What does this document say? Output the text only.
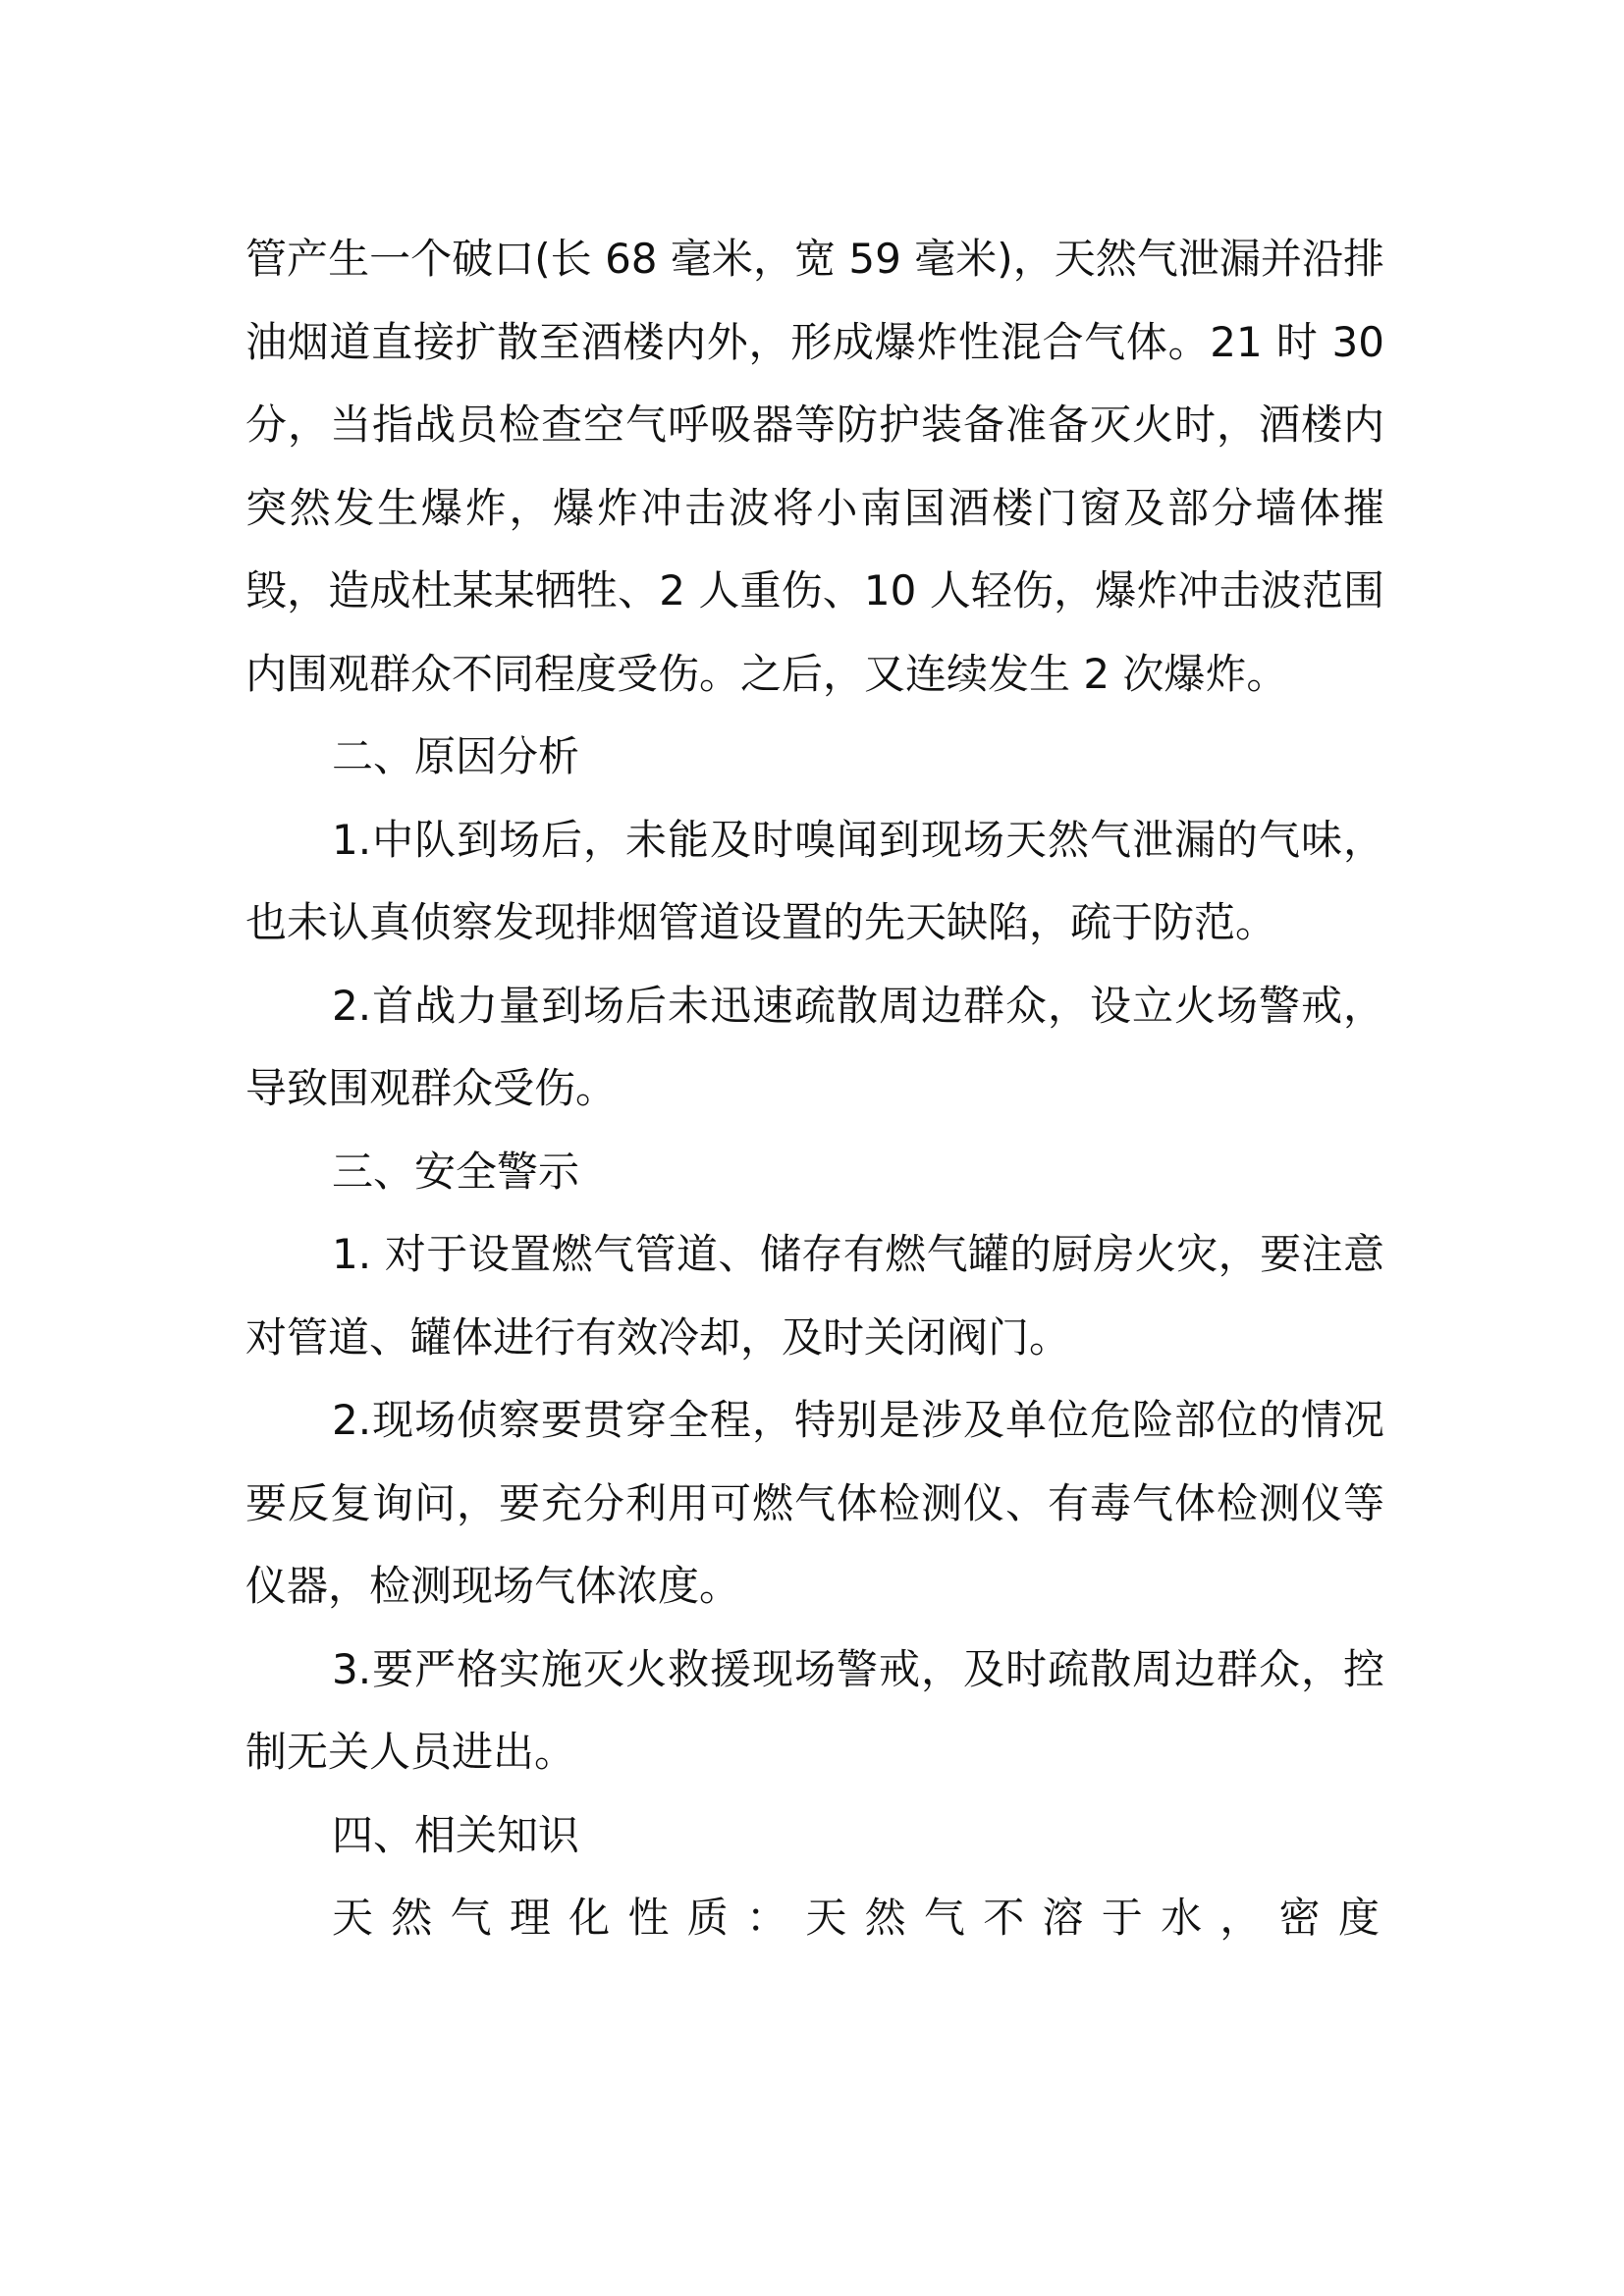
管产生一个破口(长 68 毫米，宽 59 毫米)，天然气泄漏并沿排油烟道直接扩散至酒楼内外，形成爆炸性混合气体。21 时 30 分，当指战员检查空气呼吸器等防护装备准备灭火时，酒楼内突然发生爆炸，爆炸冲击波将小南国酒楼门窗及部分墙体摧毁，造成杜某某牺牲、2 人重伤、10 人轻伤，爆炸冲击波范围内围观群众不同程度受伤。之后，又连续发生 2 次爆炸。

二、原因分析

1.中队到场后，未能及时嗅闻到现场天然气泄漏的气味，也未认真侦察发现排烟管道设置的先天缺陷，疏于防范。

2.首战力量到场后未迅速疏散周边群众，设立火场警戒，导致围观群众受伤。

三、安全警示

1. 对于设置燃气管道、储存有燃气罐的厨房火灾，要注意对管道、罐体进行有效冷却，及时关闭阀门。

2.现场侦察要贯穿全程，特别是涉及单位危险部位的情况要反复询问，要充分利用可燃气体检测仪、有毒气体检测仪等仪器，检测现场气体浓度。

3.要严格实施灭火救援现场警戒，及时疏散周边群众，控制无关人员进出。

四、相关知识

天然气理化性质：天然气不溶于水，密度
